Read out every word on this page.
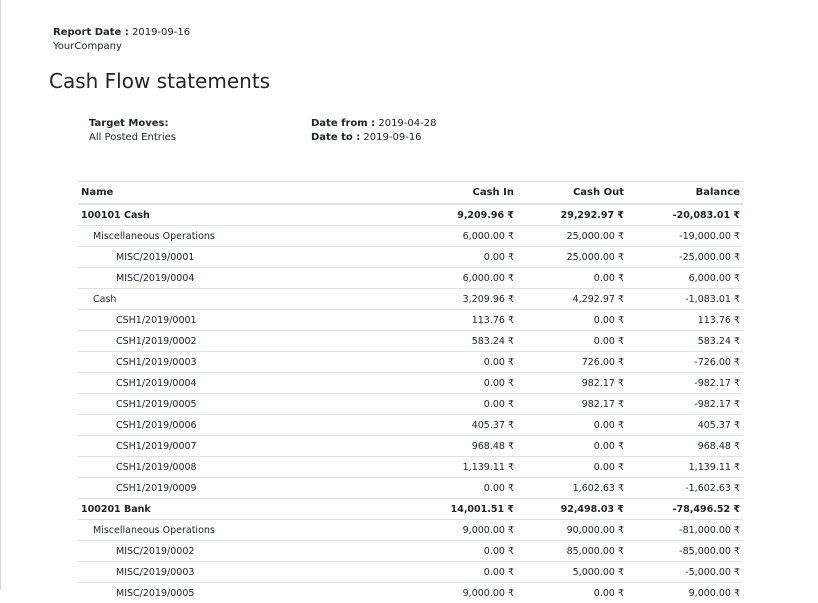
Report Date : 2019-09-16
YourCompany
Cash Flow statements
Target Moves:
All Posted Entries
Date from : 2019-04-28
Date to : 2019-09-16
Name	Cash In	Cash Out	Balance
100101 Cash	9,209.96 ₹	29,292.97 ₹	-20,083.01 ₹
Miscellaneous Operations	6,000.00 ₹	25,000.00 ₹	-19,000.00 ₹
MISC/2019/0001	0.00 ₹	25,000.00 ₹	-25,000.00 ₹
MISC/2019/0004	6,000.00 ₹	0.00 ₹	6,000.00 ₹
Cash	3,209.96 ₹	4,292.97 ₹	-1,083.01 ₹
CSH1/2019/0001	113.76 ₹	0.00 ₹	113.76 ₹
CSH1/2019/0002	583.24 ₹	0.00 ₹	583.24 ₹
CSH1/2019/0003	0.00 ₹	726.00 ₹	-726.00 ₹
CSH1/2019/0004	0.00 ₹	982.17 ₹	-982.17 ₹
CSH1/2019/0005	0.00 ₹	982.17 ₹	-982.17 ₹
CSH1/2019/0006	405.37 ₹	0.00 ₹	405.37 ₹
CSH1/2019/0007	968.48 ₹	0.00 ₹	968.48 ₹
CSH1/2019/0008	1,139.11 ₹	0.00 ₹	1,139.11 ₹
CSH1/2019/0009	0.00 ₹	1,602.63 ₹	-1,602.63 ₹
100201 Bank	14,001.51 ₹	92,498.03 ₹	-78,496.52 ₹
Miscellaneous Operations	9,000.00 ₹	90,000.00 ₹	-81,000.00 ₹
MISC/2019/0002	0.00 ₹	85,000.00 ₹	-85,000.00 ₹
MISC/2019/0003	0.00 ₹	5,000.00 ₹	-5,000.00 ₹
MISC/2019/0005	9,000.00 ₹	0.00 ₹	9,000.00 ₹
